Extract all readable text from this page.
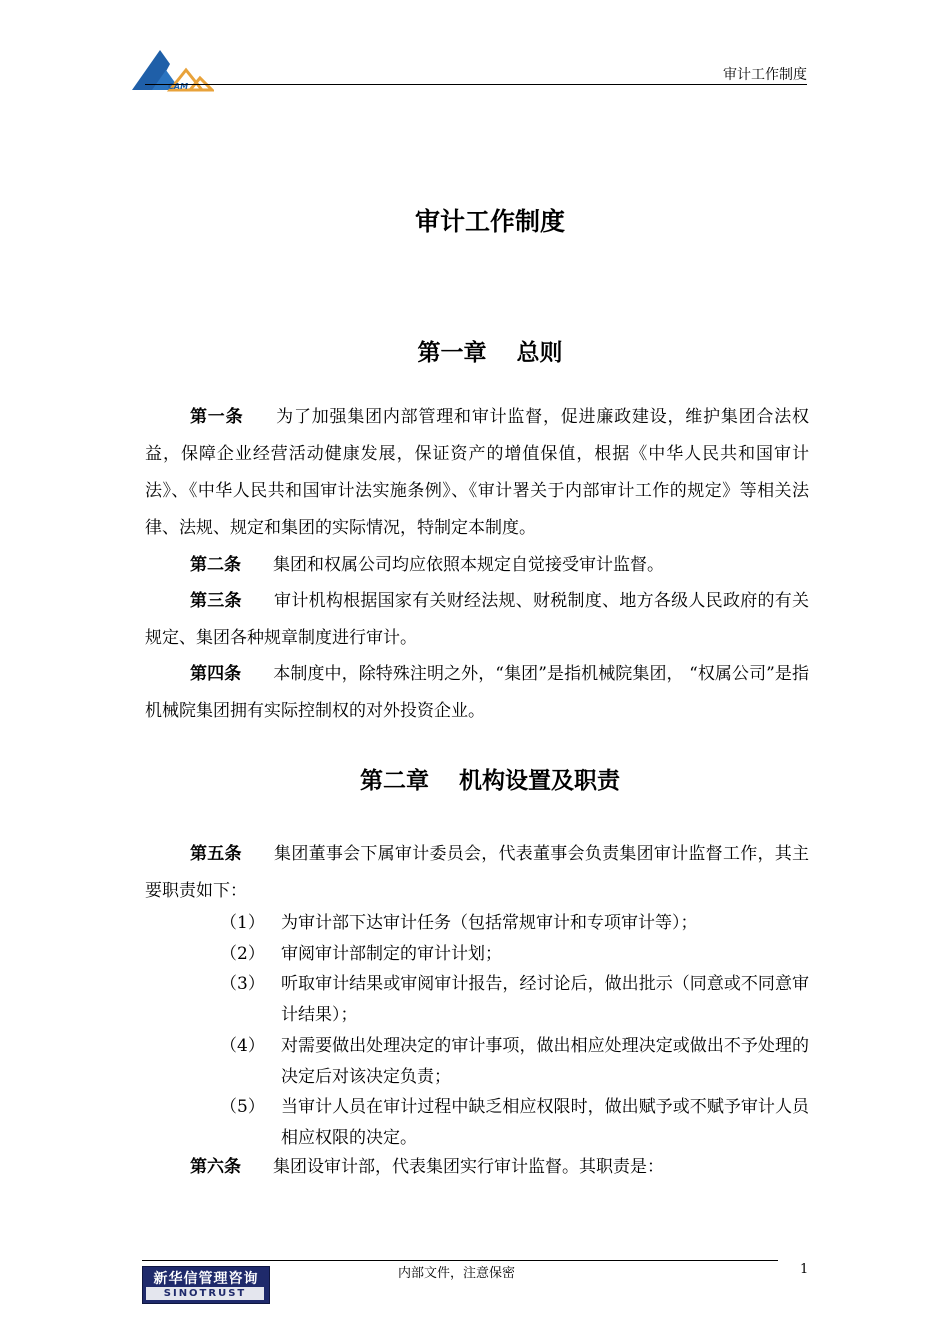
CAM
审计工作制度
审计工作制度
第一章 总则

第一条 为了加强集团内部管理和审计监督，促进廉政建设，维护集团合法权益，保障企业经营活动健康发展，保证资产的增值保值，根据《中华人民共和国审计法》、《中华人民共和国审计法实施条例》、《审计署关于内部审计工作的规定》等相关法律、法规、规定和集团的实际情况，特制定本制度。

第二条 集团和权属公司均应依照本规定自觉接受审计监督。

第三条 审计机构根据国家有关财经法规、财税制度、地方各级人民政府的有关规定、集团各种规章制度进行审计。

第四条 本制度中，除特殊注明之外，“集团”是指机械院集团， “权属公司”是指机械院集团拥有实际控制权的对外投资企业。

第二章 机构设置及职责

第五条 集团董事会下属审计委员会，代表董事会负责集团审计监督工作，其主要职责如下：

（1） 为审计部下达审计任务（包括常规审计和专项审计等）；
（2） 审阅审计部制定的审计计划；
（3） 听取审计结果或审阅审计报告，经讨论后，做出批示（同意或不同意审计结果）；
（4） 对需要做出处理决定的审计事项，做出相应处理决定或做出不予处理的决定后对该决定负责；
（5） 当审计人员在审计过程中缺乏相应权限时，做出赋予或不赋予审计人员相应权限的决定。

第六条 集团设审计部，代表集团实行审计监督。其职责是：

新华信管理咨询
SINOTRUST
内部文件，注意保密	1
